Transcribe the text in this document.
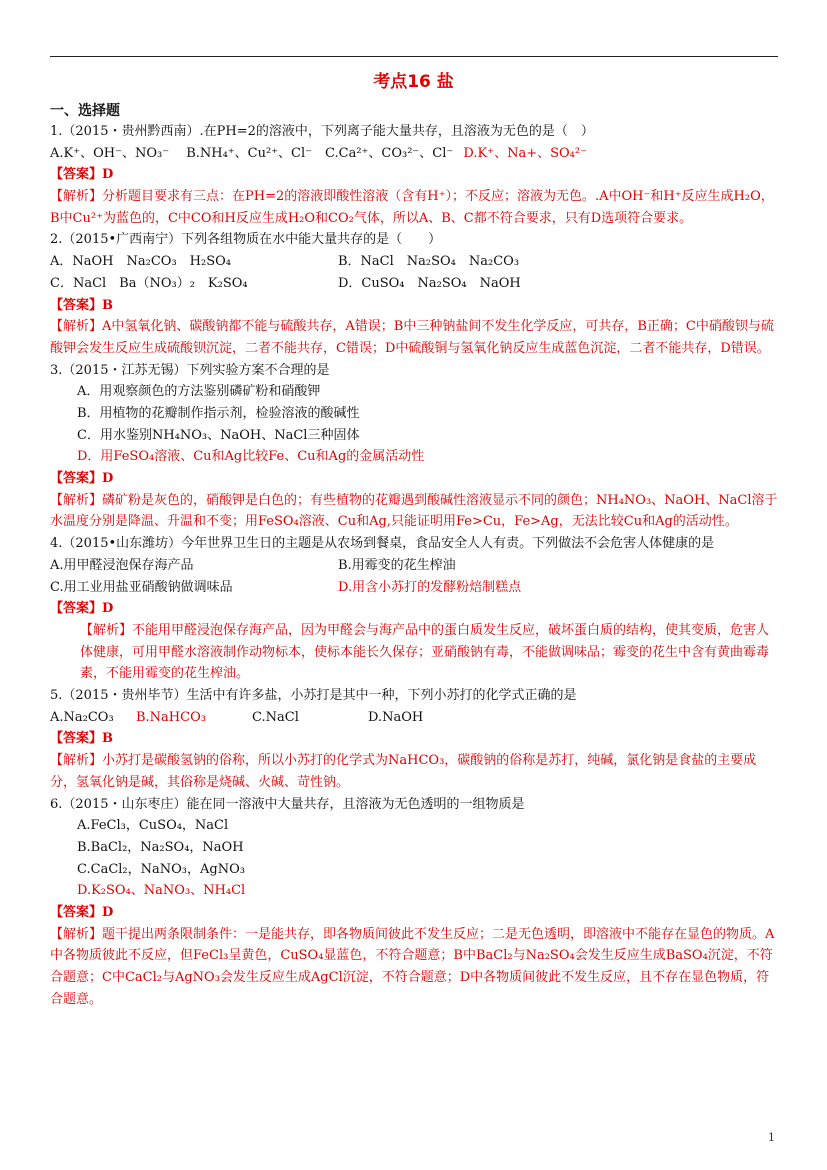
考点16 盐
一、选择题
1.（2015・贵州黔西南）.在PH=2的溶液中，下列离子能大量共存，且溶液为无色的是（　）
A.K⁺、OH⁻、NO₃⁻　 B.NH₄⁺、Cu²⁺、Cl⁻　C.Ca²⁺、CO₃²⁻、Cl⁻ D.K⁺、Na+、SO₄²⁻
【答案】D
【解析】分析题目要求有三点：在PH=2的溶液即酸性溶液（含有H⁺）；不反应；溶液为无色。.A中OH⁻和H⁺反应生成H₂O，B中Cu²⁺为蓝色的，C中CO和H反应生成H₂O和CO₂气体，所以A、B、C都不符合要求，只有D选项符合要求。
2.（2015•广西南宁）下列各组物质在水中能大量共存的是（　　）
A．NaOH　Na₂CO₃　H₂SO₄	B．NaCl　Na₂SO₄　Na₂CO₃
C．NaCl　Ba（NO₃）₂　K₂SO₄	D．CuSO₄　Na₂SO₄　NaOH
【答案】B
【解析】A中氢氧化钠、碳酸钠都不能与硫酸共存，A错误；B中三种钠盐间不发生化学反应，可共存，B正确；C中硝酸钡与硫酸钾会发生反应生成硫酸钡沉淀，二者不能共存，C错误；D中硫酸铜与氢氧化钠反应生成蓝色沉淀，二者不能共存，D错误。
3.（2015・江苏无锡）下列实验方案不合理的是
A．用观察颜色的方法鉴别磷矿粉和硝酸钾
B．用植物的花瓣制作指示剂，检验溶液的酸碱性
C．用水鉴别NH₄NO₃、NaOH、NaCl三种固体
D．用FeSO₄溶液、Cu和Ag比较Fe、Cu和Ag的金属活动性
【答案】D
【解析】磷矿粉是灰色的，硝酸钾是白色的；有些植物的花瓣遇到酸碱性溶液显示不同的颜色；NH₄NO₃、NaOH、NaCl溶于水温度分别是降温、升温和不变；用FeSO₄溶液、Cu和Ag,只能证明用Fe>Cu，Fe>Ag，无法比较Cu和Ag的活动性。
4.（2015•山东潍坊）今年世界卫生日的主题是从农场到餐桌，食品安全人人有责。下列做法不会危害人体健康的是
A.用甲醛浸泡保存海产品	B.用霉变的花生榨油
C.用工业用盐亚硝酸钠做调味品	D.用含小苏打的发酵粉焙制糕点
【答案】D
【解析】不能用甲醛浸泡保存海产品，因为甲醛会与海产品中的蛋白质发生反应，破坏蛋白质的结构，使其变质，危害人体健康，可用甲醛水溶液制作动物标本，使标本能长久保存；亚硝酸钠有毒，不能做调味品；霉变的花生中含有黄曲霉毒素，不能用霉变的花生榨油。
5.（2015・贵州毕节）生活中有许多盐，小苏打是其中一种，下列小苏打的化学式正确的是
A.Na₂CO₃	B.NaHCO₃	C.NaCl	D.NaOH
【答案】B
【解析】小苏打是碳酸氢钠的俗称，所以小苏打的化学式为NaHCO₃，碳酸钠的俗称是苏打，纯碱，氯化钠是食盐的主要成分，氢氧化钠是碱，其俗称是烧碱、火碱、苛性钠。
6.（2015・山东枣庄）能在同一溶液中大量共存，且溶液为无色透明的一组物质是
A.FeCl₃，CuSO₄，NaCl
B.BaCl₂，Na₂SO₄，NaOH
C.CaCl₂，NaNO₃，AgNO₃
D.K₂SO₄、NaNO₃、NH₄Cl
【答案】D
【解析】题干提出两条限制条件：一是能共存，即各物质间彼此不发生反应；二是无色透明，即溶液中不能存在显色的物质。A中各物质彼此不反应，但FeCl₃呈黄色，CuSO₄显蓝色，不符合题意；B中BaCl₂与Na₂SO₄会发生反应生成BaSO₄沉淀，不符合题意；C中CaCl₂与AgNO₃会发生反应生成AgCl沉淀，不符合题意；D中各物质间彼此不发生反应，且不存在显色物质，符合题意。
1
